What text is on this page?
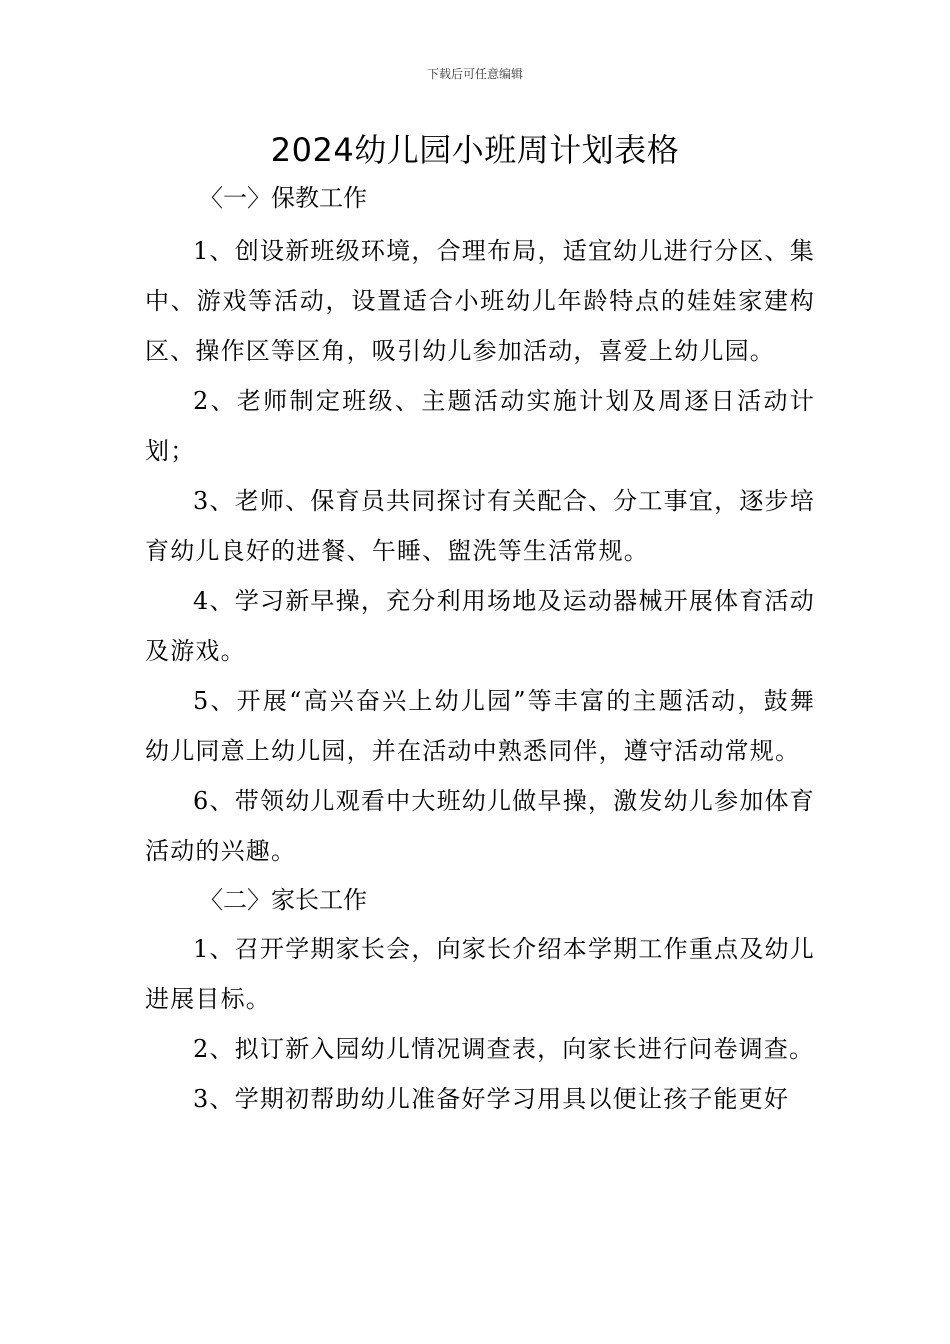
下载后可任意编辑
2024幼儿园小班周计划表格

〈一〉保教工作

1、创设新班级环境，合理布局，适宜幼儿进行分区、集中、游戏等活动，设置适合小班幼儿年龄特点的娃娃家建构区、操作区等区角，吸引幼儿参加活动，喜爱上幼儿园。

2、老师制定班级、主题活动实施计划及周逐日活动计划；

3、老师、保育员共同探讨有关配合、分工事宜，逐步培育幼儿良好的进餐、午睡、盥洗等生活常规。

4、学习新早操，充分利用场地及运动器械开展体育活动及游戏。

5、开展“高兴奋兴上幼儿园”等丰富的主题活动，鼓舞幼儿同意上幼儿园，并在活动中熟悉同伴，遵守活动常规。

6、带领幼儿观看中大班幼儿做早操，激发幼儿参加体育活动的兴趣。

〈二〉家长工作

1、召开学期家长会，向家长介绍本学期工作重点及幼儿进展目标。

2、拟订新入园幼儿情况调查表，向家长进行问卷调查。

3、学期初帮助幼儿准备好学习用具以便让孩子能更好
